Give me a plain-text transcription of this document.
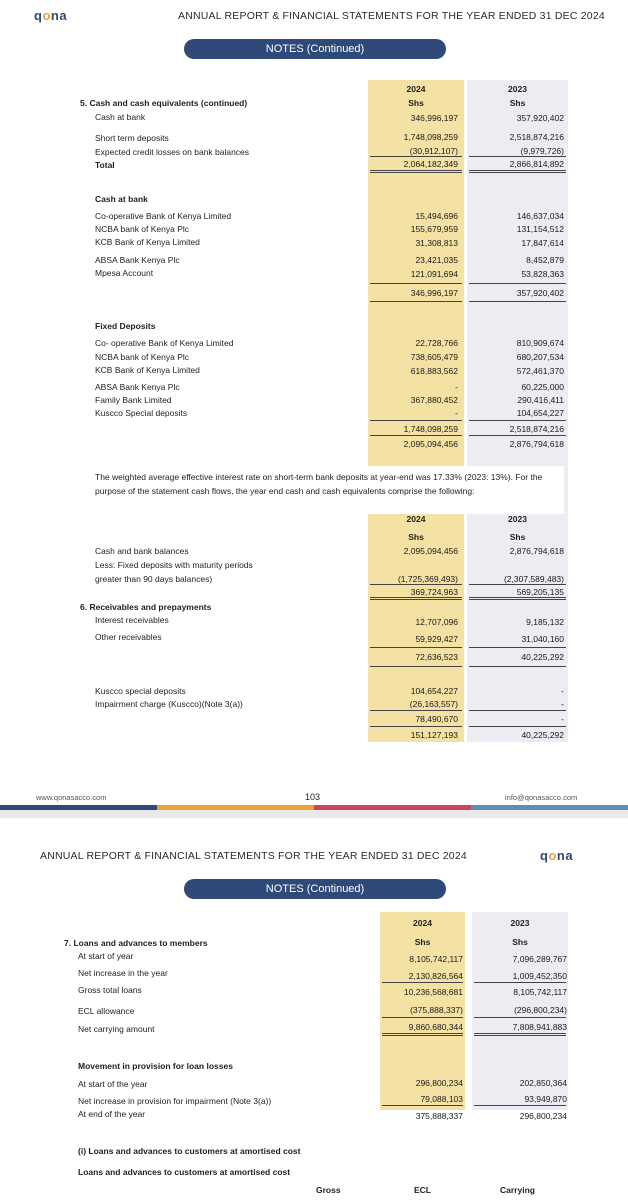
qona	ANNUAL REPORT & FINANCIAL STATEMENTS FOR THE YEAR ENDED 31 DEC 2024
NOTES (Continued)
2024	2023
Shs	Shs
5. Cash and cash equivalents (continued)
Cash at bank	346,996,197	357,920,402
Short term deposits	1,748,098,259	2,518,874,216
Expected credit losses on bank balances	(30,912,107)	(9,979,726)
Total	2,064,182,349	2,866,814,892
Cash at bank
Co-operative Bank of Kenya Limited	15,494,696	146,637,034
NCBA bank of Kenya Plc	155,679,959	131,154,512
KCB Bank of Kenya Limited	31,308,813	17,847,614
ABSA Bank Kenya Plc	23,421,035	8,452,879
Mpesa Account	121,091,694	53,828,363
346,996,197	357,920,402
Fixed Deposits
Co- operative Bank of Kenya Limited	22,728,766	810,909,674
NCBA bank of Kenya Plc	738,605,479	680,207,534
KCB Bank of Kenya Limited	618,883,562	572,461,370
ABSA Bank Kenya Plc	-	60,225,000
Family Bank Limited	367,880,452	290,416,411
Kuscco Special deposits	-	104,654,227
1,748,098,259	2,518,874,216
2,095,094,456	2,876,794,618
The weighted average effective interest rate on short-term bank deposits at year-end was 17.33% (2023: 13%). For the purpose of the statement cash flows, the year end cash and cash equivalents comprise the following:
2024	2023
Shs	Shs
Cash and bank balances	2,095,094,456	2,876,794,618
Less: Fixed deposits with maturity periods
greater than 90 days balances)	(1,725,369,493)	(2,307,589,483)
369,724,963	569,205,135
6. Receivables and prepayments
Interest receivables	12,707,096	9,185,132
Other receivables	59,929,427	31,040,160
72,636,523	40,225,292
Kuscco special deposits	104,654,227	-
Impairment charge (Kuscco)(Note 3(a))	(26,163,557)	-
78,490,670	-
151,127,193	40,225,292
www.qonasacco.com	103	info@qonasacco.com
ANNUAL REPORT & FINANCIAL STATEMENTS FOR THE YEAR ENDED 31 DEC 2024	qona
NOTES (Continued)
2024	2023
Shs	Shs
7. Loans and advances to members
At start of year	8,105,742,117	7,096,289,767
Net increase in the year	2,130,826,564	1,009,452,350
Gross total loans	10,236,568,681	8,105,742,117
ECL allowance	(375,888,337)	(296,800,234)
Net carrying amount	9,860,680,344	7,808,941,883
Movement in provision for loan losses
At start of the year	296,800,234	202,850,364
Net increase in provision for impairment (Note 3(a))	79,088,103	93,949,870
At end of the year	375,888,337	296,800,234
(i) Loans and advances to customers at amortised cost
Loans and advances to customers at amortised cost
Gross	ECL	Carrying
